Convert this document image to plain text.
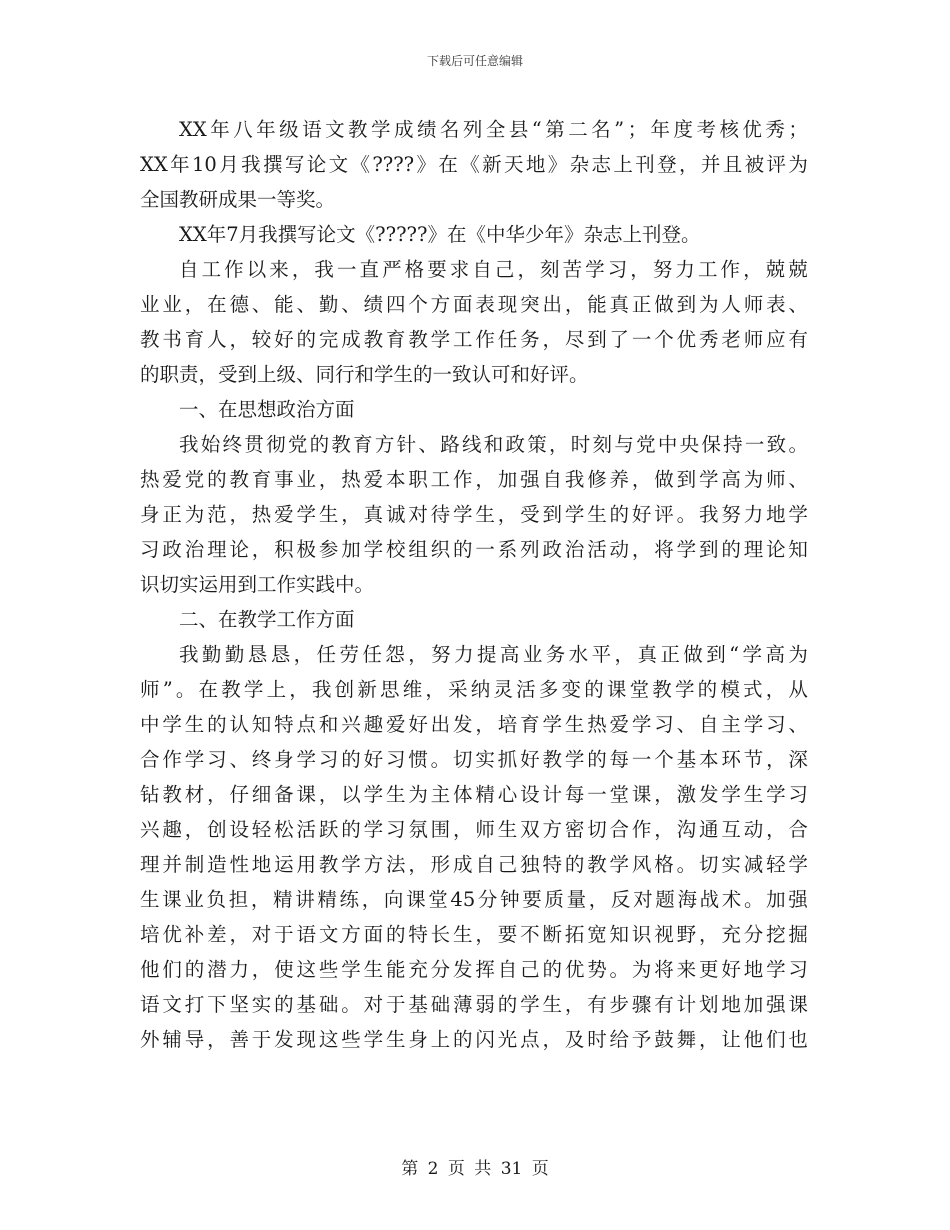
下载后可任意编辑
XX 年 八 年 级 语 文 教 学 成 绩 名 列 全 县 “ 第 二 名 ” ； 年 度 考 核 优 秀 ；
XX 年 10 月 我 撰 写 论 文 《 ???? 》 在 《 新 天 地 》 杂 志 上 刊 登 ， 并 且 被 评 为
全国教研成果一等奖。
XX年7月我撰写论文《?????》在《中华少年》杂志上刊登。
自 工 作 以 来 ， 我 一 直 严 格 要 求 自 己 ， 刻 苦 学 习 ， 努 力 工 作 ， 兢 兢
业 业 ， 在 德 、 能 、 勤 、 绩 四 个 方 面 表 现 突 出 ， 能 真 正 做 到 为 人 师 表 、
教 书 育 人 ， 较 好 的 完 成 教 育 教 学 工 作 任 务 ， 尽 到 了 一 个 优 秀 老 师 应 有
的职责，受到上级、同行和学生的一致认可和好评。
一、在思想政治方面
我 始 终 贯 彻 党 的 教 育 方 针 、 路 线 和 政 策 ， 时 刻 与 党 中 央 保 持 一 致 。
热 爱 党 的 教 育 事 业 ， 热 爱 本 职 工 作 ， 加 强 自 我 修 养 ， 做 到 学 高 为 师 、
身 正 为 范 ， 热 爱 学 生 ， 真 诚 对 待 学 生 ， 受 到 学 生 的 好 评 。 我 努 力 地 学
习 政 治 理 论 ， 积 极 参 加 学 校 组 织 的 一 系 列 政 治 活 动 ， 将 学 到 的 理 论 知
识切实运用到工作实践中。
二、在教学工作方面
我 勤 勤 恳 恳 ， 任 劳 任 怨 ， 努 力 提 高 业 务 水 平 ， 真 正 做 到 “ 学 高 为
师 ” 。 在 教 学 上 ， 我 创 新 思 维 ， 采 纳 灵 活 多 变 的 课 堂 教 学 的 模 式 ， 从
中 学 生 的 认 知 特 点 和 兴 趣 爱 好 出 发 ， 培 育 学 生 热 爱 学 习 、 自 主 学 习 、
合 作 学 习 、 终 身 学 习 的 好 习 惯 。 切 实 抓 好 教 学 的 每 一 个 基 本 环 节 ， 深
钻 教 材 ， 仔 细 备 课 ， 以 学 生 为 主 体 精 心 设 计 每 一 堂 课 ， 激 发 学 生 学 习
兴 趣 ， 创 设 轻 松 活 跃 的 学 习 氛 围 ， 师 生 双 方 密 切 合 作 ， 沟 通 互 动 ， 合
理 并 制 造 性 地 运 用 教 学 方 法 ， 形 成 自 己 独 特 的 教 学 风 格 。 切 实 减 轻 学
生 课 业 负 担 ， 精 讲 精 练 ， 向 课 堂 45 分 钟 要 质 量 ， 反 对 题 海 战 术 。 加 强
培 优 补 差 ， 对 于 语 文 方 面 的 特 长 生 ， 要 不 断 拓 宽 知 识 视 野 ， 充 分 挖 掘
他 们 的 潜 力 ， 使 这 些 学 生 能 充 分 发 挥 自 己 的 优 势 。 为 将 来 更 好 地 学 习
语 文 打 下 坚 实 的 基 础 。 对 于 基 础 薄 弱 的 学 生 ， 有 步 骤 有 计 划 地 加 强 课
外 辅 导 ， 善 于 发 现 这 些 学 生 身 上 的 闪 光 点 ， 及 时 给 予 鼓 舞 ， 让 他 们 也
第 2 页 共 31 页
